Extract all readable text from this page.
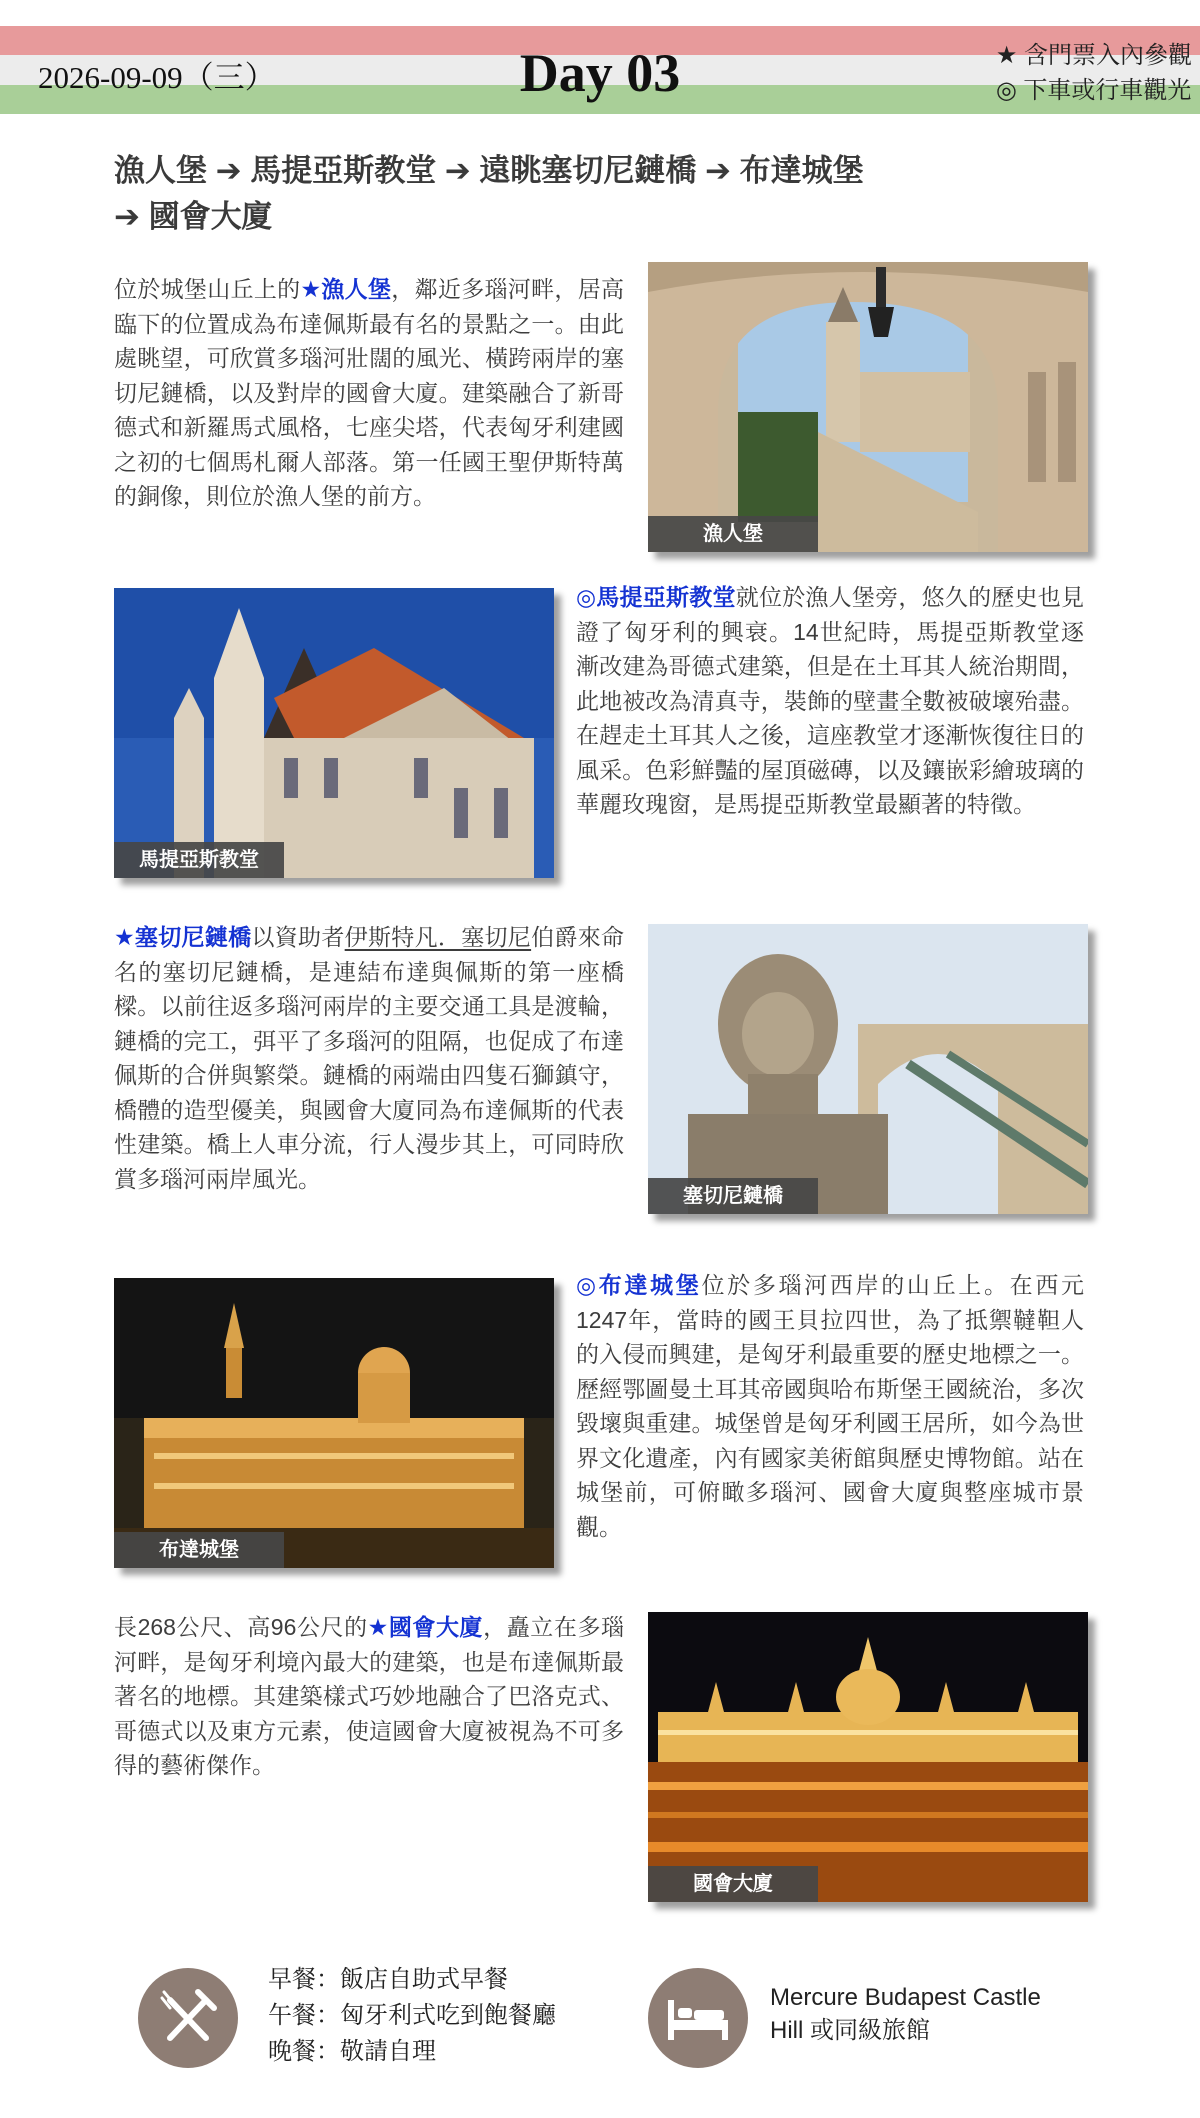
2026-09-09（三）	Day 03	★ 含門票入內參觀
◎ 下車或行車觀光
漁人堡 ➔ 馬提亞斯教堂 ➔ 遠眺塞切尼鏈橋 ➔ 布達城堡
➔ 國會大廈
位於城堡山丘上的★漁人堡，鄰近多瑙河畔，居高臨下的位置成為布達佩斯最有名的景點之一。由此處眺望，可欣賞多瑙河壯闊的風光、橫跨兩岸的塞切尼鏈橋，以及對岸的國會大廈。建築融合了新哥德式和新羅馬式風格，七座尖塔，代表匈牙利建國之初的七個馬札爾人部落。第一任國王聖伊斯特萬的銅像，則位於漁人堡的前方。
漁人堡
馬提亞斯教堂
◎馬提亞斯教堂就位於漁人堡旁，悠久的歷史也見證了匈牙利的興衰。14世紀時，馬提亞斯教堂逐漸改建為哥德式建築，但是在土耳其人統治期間，此地被改為清真寺，裝飾的壁畫全數被破壞殆盡。在趕走土耳其人之後，這座教堂才逐漸恢復往日的風采。色彩鮮豔的屋頂磁磚，以及鑲嵌彩繪玻璃的華麗玫瑰窗，是馬提亞斯教堂最顯著的特徵。
★塞切尼鏈橋以資助者伊斯特凡．塞切尼伯爵來命名的塞切尼鏈橋，是連結布達與佩斯的第一座橋樑。以前往返多瑙河兩岸的主要交通工具是渡輪，鏈橋的完工，弭平了多瑙河的阻隔，也促成了布達佩斯的合併與繁榮。鏈橋的兩端由四隻石獅鎮守，橋體的造型優美，與國會大廈同為布達佩斯的代表性建築。橋上人車分流，行人漫步其上，可同時欣賞多瑙河兩岸風光。
塞切尼鏈橋
布達城堡
◎布達城堡位於多瑙河西岸的山丘上。在西元1247年，當時的國王貝拉四世，為了抵禦韃靼人的入侵而興建，是匈牙利最重要的歷史地標之一。歷經鄂圖曼土耳其帝國與哈布斯堡王國統治，多次毀壞與重建。城堡曾是匈牙利國王居所，如今為世界文化遺產，內有國家美術館與歷史博物館。站在城堡前，可俯瞰多瑙河、國會大廈與整座城市景觀。
長268公尺、高96公尺的★國會大廈，矗立在多瑙河畔，是匈牙利境內最大的建築，也是布達佩斯最著名的地標。其建築樣式巧妙地融合了巴洛克式、哥德式以及東方元素，使這國會大廈被視為不可多得的藝術傑作。
國會大廈
早餐：飯店自助式早餐
午餐：匈牙利式吃到飽餐廳
晚餐：敬請自理
Mercure Budapest Castle
Hill 或同級旅館
